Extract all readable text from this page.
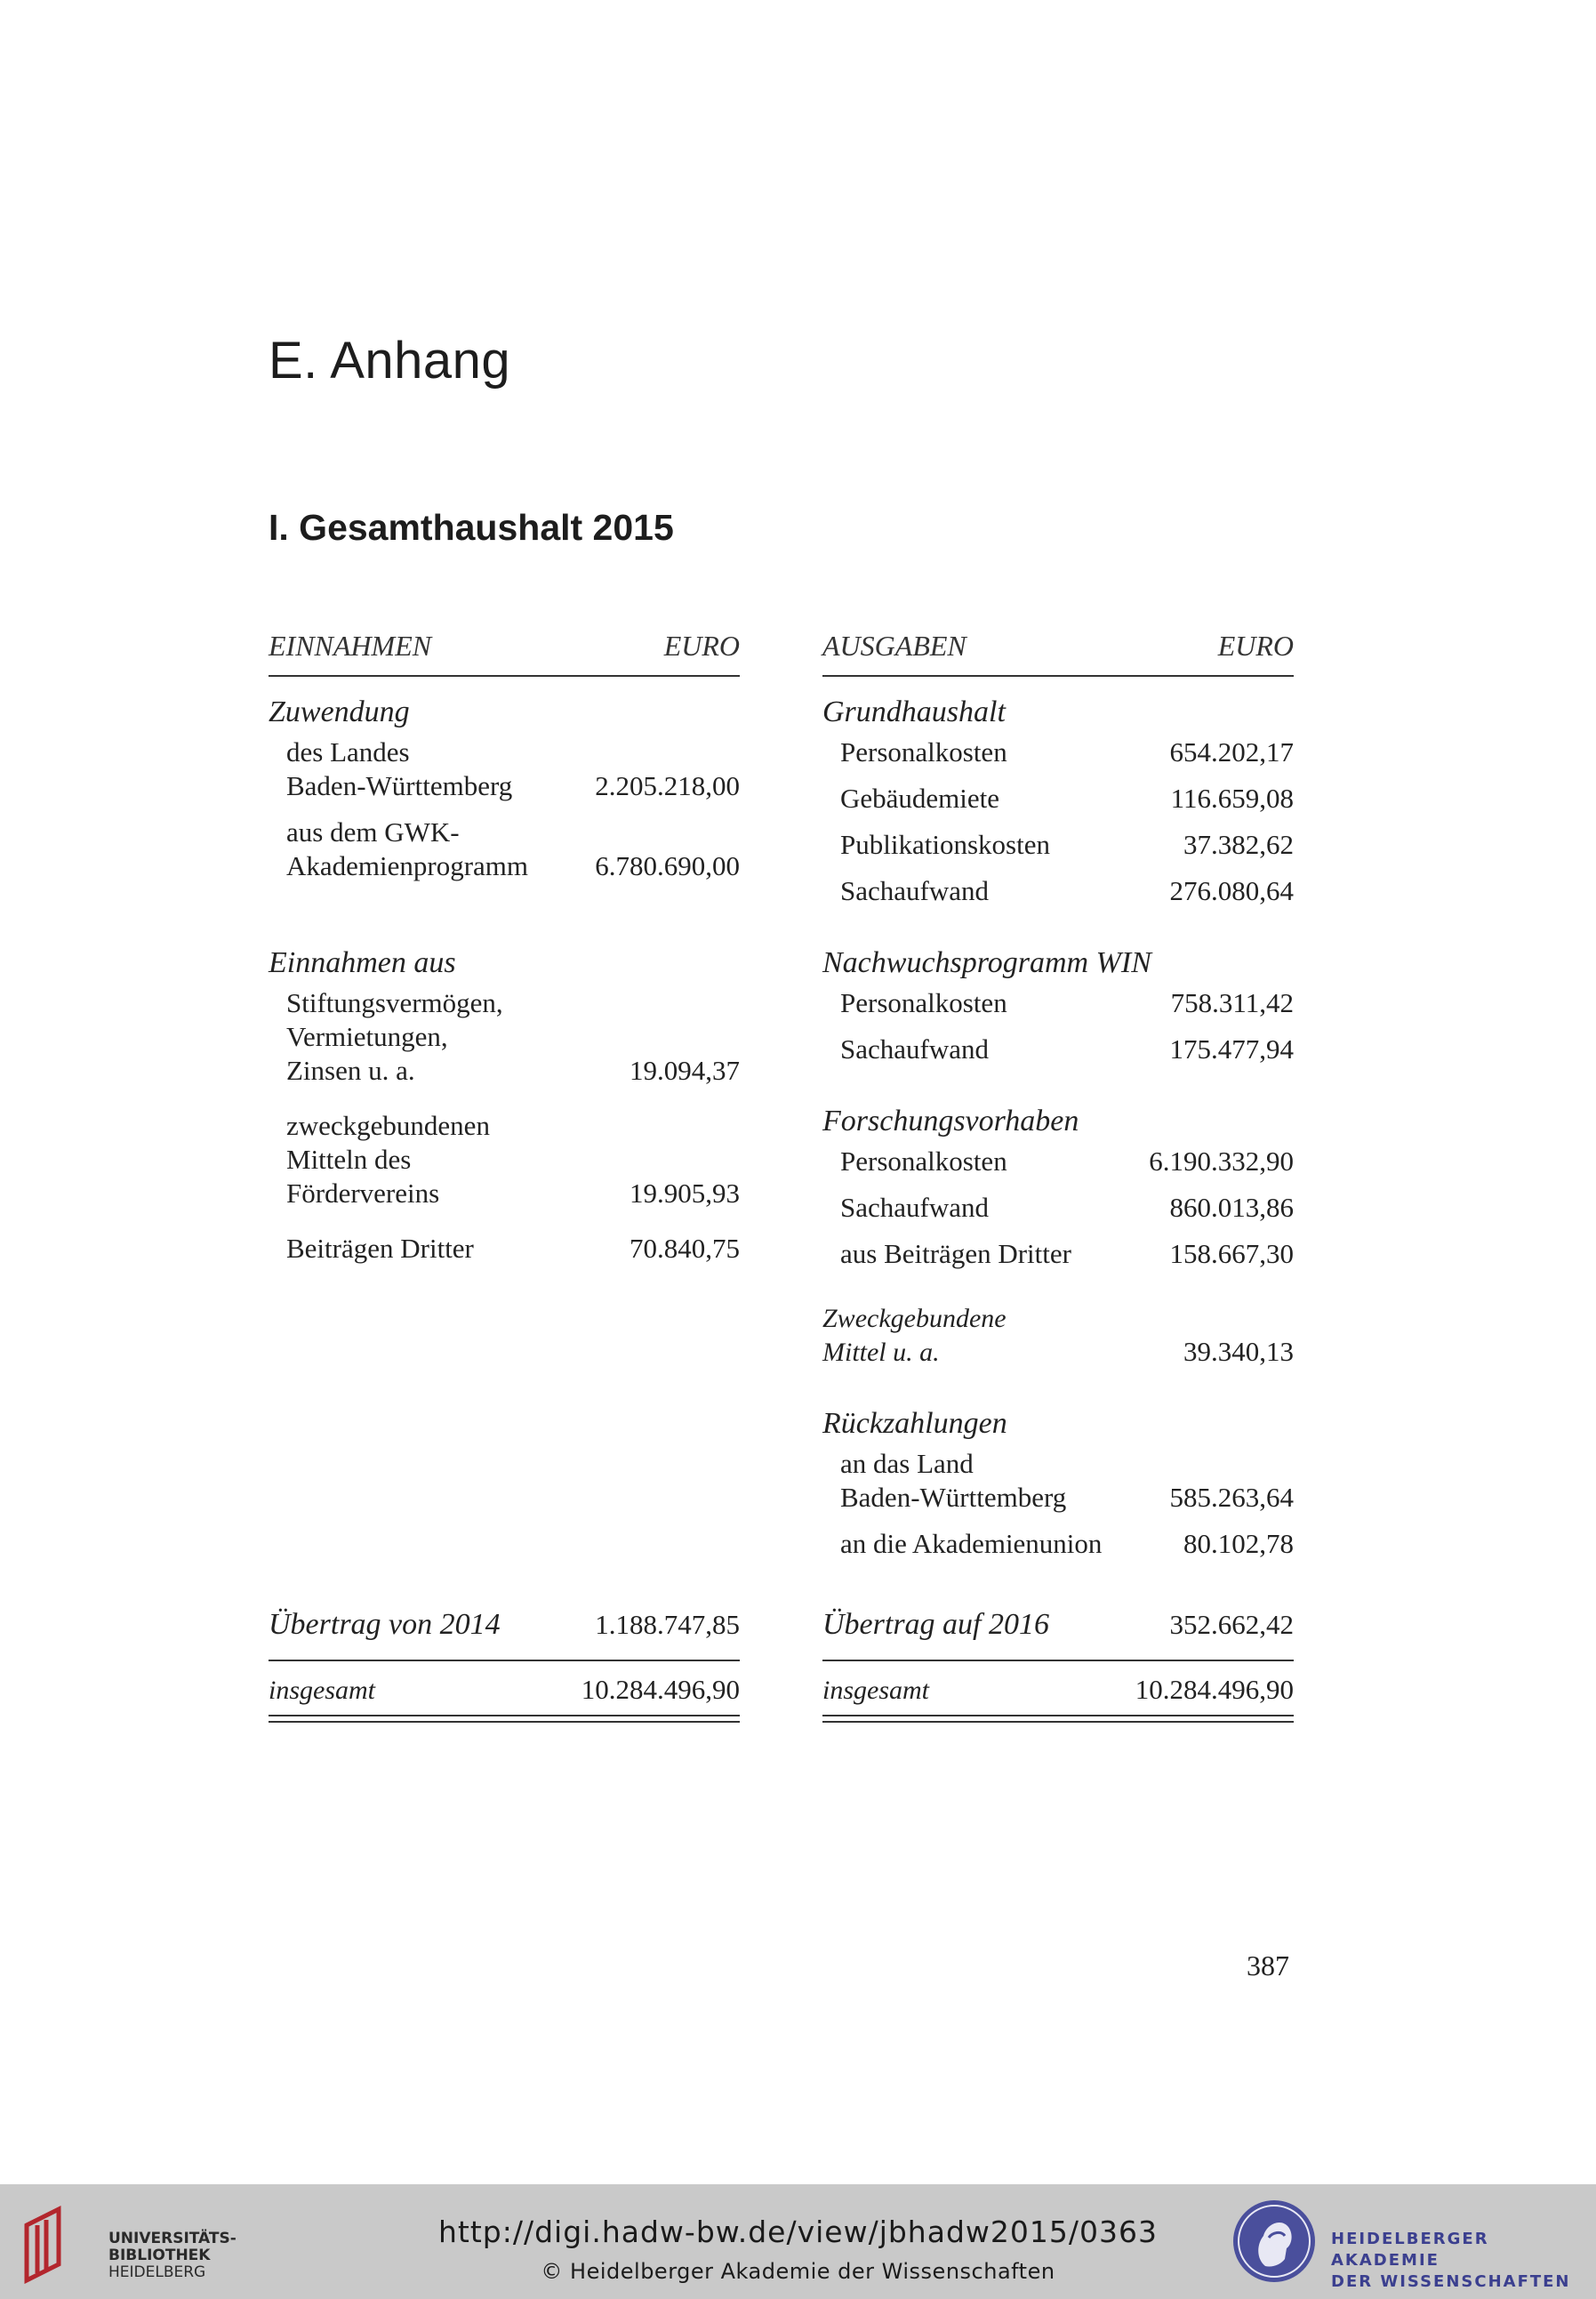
E. Anhang
I. Gesamthaushalt 2015
EINNAHMEN	EURO
Zuwendung
des Landes
Baden-Württemberg	2.205.218,00
aus dem GWK-
Akademienprogramm 6.780.690,00
Einnahmen aus
Stiftungsvermögen,
Vermietungen,
Zinsen u. a.	19.094,37
zweckgebundenen
Mitteln des
Fördervereins	19.905,93
Beiträgen Dritter	70.840,75
Übertrag von 2014	1.188.747,85
insgesamt	10.284.496,90
AUSGABEN	EURO
Grundhaushalt
Personalkosten	654.202,17
Gebäudemiete	116.659,08
Publikationskosten	37.382,62
Sachaufwand	276.080,64
Nachwuchsprogramm WIN
Personalkosten	758.311,42
Sachaufwand	175.477,94
Forschungsvorhaben
Personalkosten	6.190.332,90
Sachaufwand	860.013,86
aus Beiträgen Dritter	158.667,30
Zweckgebundene
Mittel u. a.	39.340,13
Rückzahlungen
an das Land
Baden-Württemberg	585.263,64
an die Akademienunion	80.102,78
Übertrag auf 2016	352.662,42
insgesamt	10.284.496,90
387
UNIVERSITÄTS-
BIBLIOTHEK
HEIDELBERG
http://digi.hadw-bw.de/view/jbhadw2015/0363
© Heidelberger Akademie der Wissenschaften
HEIDELBERGER AKADEMIE
DER WISSENSCHAFTEN
